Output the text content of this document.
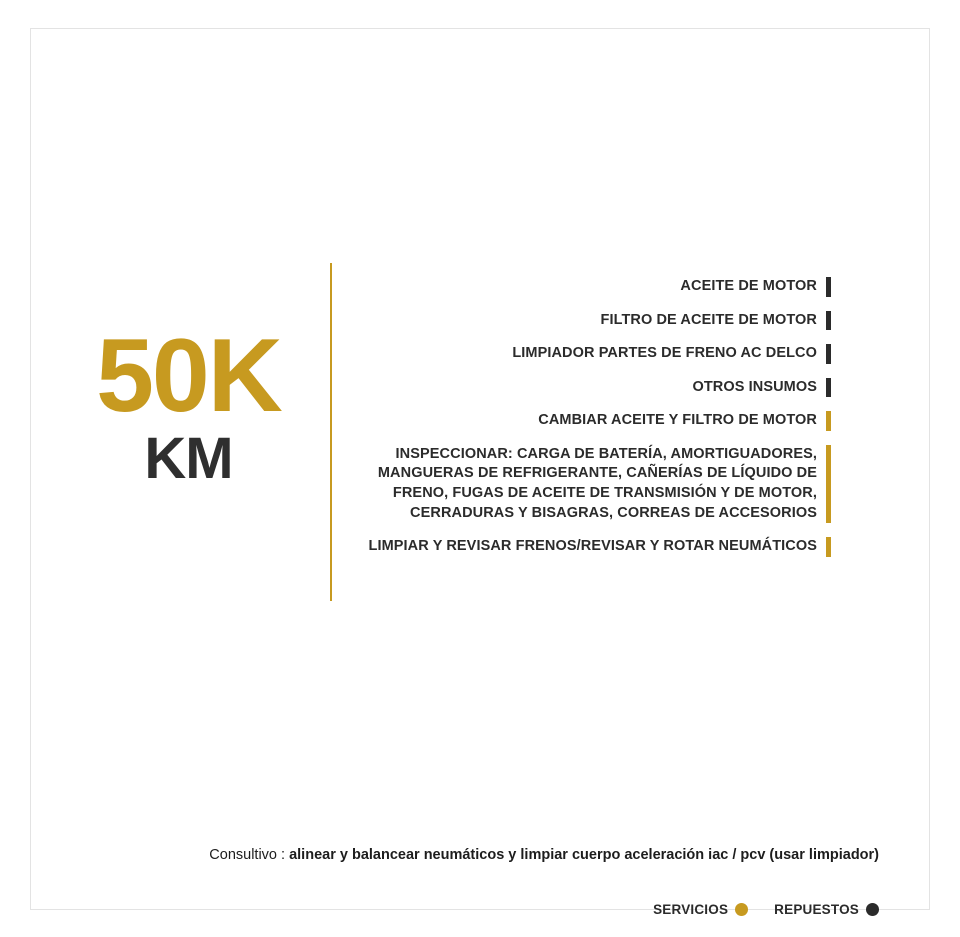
50K
KM
ACEITE DE MOTOR
FILTRO DE ACEITE DE MOTOR
LIMPIADOR PARTES DE FRENO AC DELCO
OTROS INSUMOS
CAMBIAR ACEITE Y FILTRO DE MOTOR
INSPECCIONAR: CARGA DE BATERÍA, AMORTIGUADORES, MANGUERAS DE REFRIGERANTE, CAÑERÍAS DE LÍQUIDO DE FRENO, FUGAS DE ACEITE DE TRANSMISIÓN Y DE MOTOR, CERRADURAS Y BISAGRAS, CORREAS DE ACCESORIOS
LIMPIAR Y REVISAR FRENOS/REVISAR Y ROTAR NEUMÁTICOS
Consultivo : alinear y balancear neumáticos y limpiar cuerpo aceleración iac / pcv (usar limpiador)
SERVICIOS	REPUESTOS
